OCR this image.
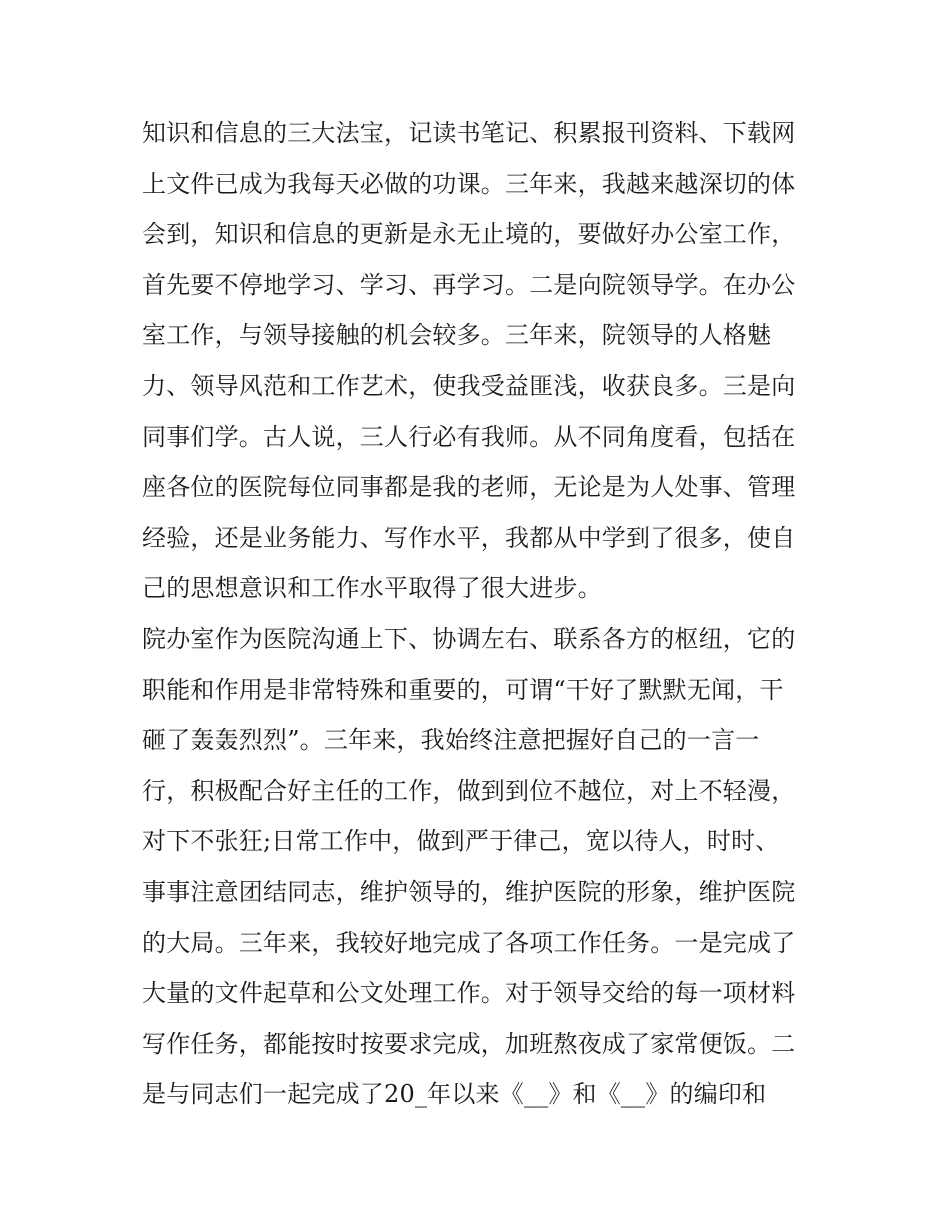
知识和信息的三大法宝，记读书笔记、积累报刊资料、下载网
上文件已成为我每天必做的功课。三年来，我越来越深切的体
会到，知识和信息的更新是永无止境的，要做好办公室工作，
首先要不停地学习、学习、再学习。二是向院领导学。在办公
室工作，与领导接触的机会较多。三年来，院领导的人格魅
力、领导风范和工作艺术，使我受益匪浅，收获良多。三是向
同事们学。古人说，三人行必有我师。从不同角度看，包括在
座各位的医院每位同事都是我的老师，无论是为人处事、管理
经验，还是业务能力、写作水平，我都从中学到了很多，使自
己的思想意识和工作水平取得了很大进步。
院办室作为医院沟通上下、协调左右、联系各方的枢纽，它的
职能和作用是非常特殊和重要的，可谓“干好了默默无闻，干
砸了轰轰烈烈”。三年来，我始终注意把握好自己的一言一
行，积极配合好主任的工作，做到到位不越位，对上不轻漫，
对下不张狂;日常工作中，做到严于律己，宽以待人，时时、
事事注意团结同志，维护领导的，维护医院的形象，维护医院
的大局。三年来，我较好地完成了各项工作任务。一是完成了
大量的文件起草和公文处理工作。对于领导交给的每一项材料
写作任务，都能按时按要求完成，加班熬夜成了家常便饭。二
是与同志们一起完成了20_年以来《__》和《__》的编印和
